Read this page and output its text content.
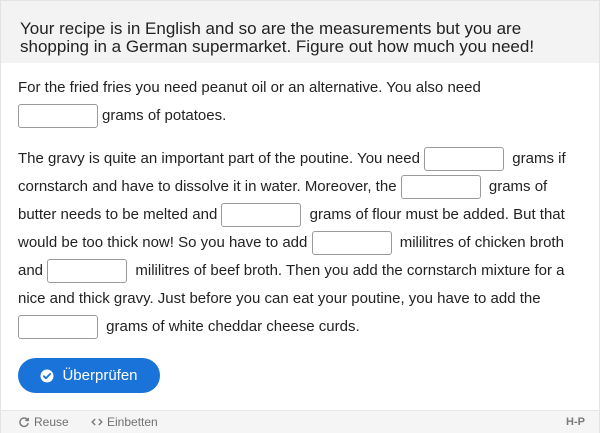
Your recipe is in English and so are the measurements but you are shopping in a German supermarket. Figure out how much you need!
For the fried fries you need peanut oil or an alternative. You also need
grams of potatoes.
The gravy is quite an important part of the poutine. You need	grams if cornstarch and have to dissolve it in water. Moreover, the	grams of butter needs to be melted and	grams of flour must be added. But that would be too thick now! So you have to add	mililitres of chicken broth and	mililitres of beef broth. Then you add the cornstarch mixture for a nice and thick gravy. Just before you can eat your poutine, you have to add the  grams of white cheddar cheese curds.
Überprüfen
Reuse	Einbetten	H-P
